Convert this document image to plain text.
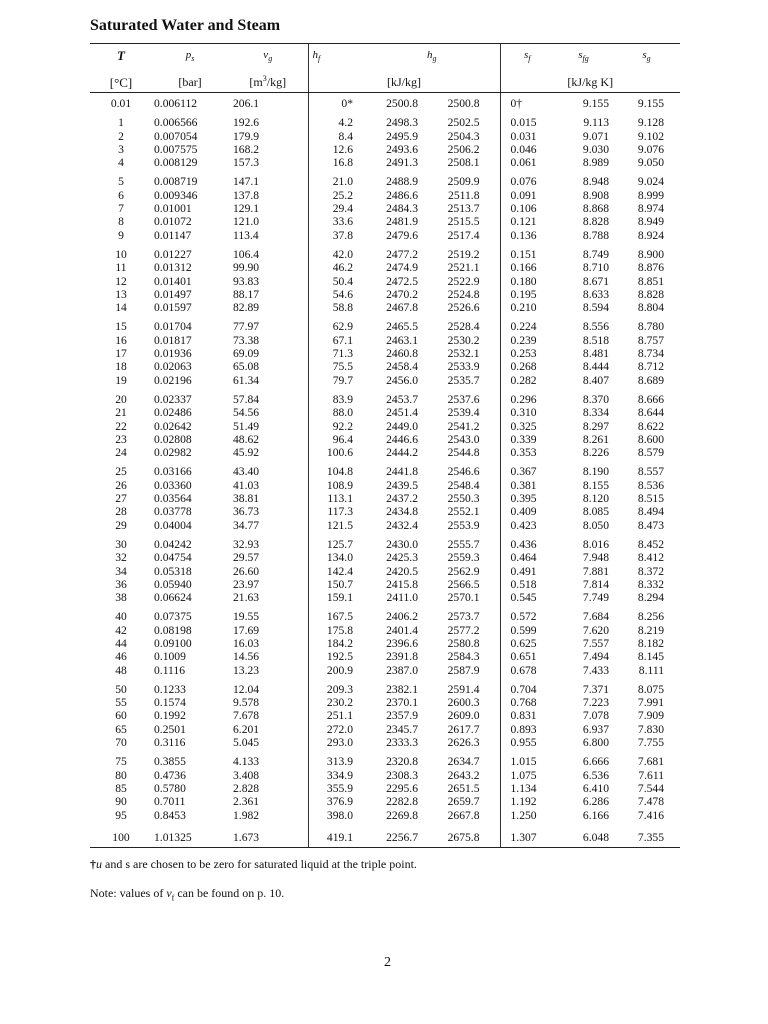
Saturated Water and Steam
T	$p_s$	$v_g$	$h_f$		$h_g$	$s_f$	$s_{fg}$	$s_g$
[°C]	[bar]	$[m^3/kg]$	[kJ/kg]			[kJ/kg K]		
0.01	0.006112	206.1	0*	2500.8	2500.8	0†	9.155	9.155

1	0.006566	192.6	4.2	2498.3	2502.5	0.015	9.113	9.128
2	0.007054	179.9	8.4	2495.9	2504.3	0.031	9.071	9.102
3	0.007575	168.2	12.6	2493.6	2506.2	0.046	9.030	9.076
4	0.008129	157.3	16.8	2491.3	2508.1	0.061	8.989	9.050

5	0.008719	147.1	21.0	2488.9	2509.9	0.076	8.948	9.024
6	0.009346	137.8	25.2	2486.6	2511.8	0.091	8.908	8.999
7	0.01001	129.1	29.4	2484.3	2513.7	0.106	8.868	8.974
8	0.01072	121.0	33.6	2481.9	2515.5	0.121	8.828	8.949
9	0.01147	113.4	37.8	2479.6	2517.4	0.136	8.788	8.924

10	0.01227	106.4	42.0	2477.2	2519.2	0.151	8.749	8.900
11	0.01312	99.90	46.2	2474.9	2521.1	0.166	8.710	8.876
12	0.01401	93.83	50.4	2472.5	2522.9	0.180	8.671	8.851
13	0.01497	88.17	54.6	2470.2	2524.8	0.195	8.633	8.828
14	0.01597	82.89	58.8	2467.8	2526.6	0.210	8.594	8.804

15	0.01704	77.97	62.9	2465.5	2528.4	0.224	8.556	8.780
16	0.01817	73.38	67.1	2463.1	2530.2	0.239	8.518	8.757
17	0.01936	69.09	71.3	2460.8	2532.1	0.253	8.481	8.734
18	0.02063	65.08	75.5	2458.4	2533.9	0.268	8.444	8.712
19	0.02196	61.34	79.7	2456.0	2535.7	0.282	8.407	8.689

20	0.02337	57.84	83.9	2453.7	2537.6	0.296	8.370	8.666
21	0.02486	54.56	88.0	2451.4	2539.4	0.310	8.334	8.644
22	0.02642	51.49	92.2	2449.0	2541.2	0.325	8.297	8.622
23	0.02808	48.62	96.4	2446.6	2543.0	0.339	8.261	8.600
24	0.02982	45.92	100.6	2444.2	2544.8	0.353	8.226	8.579

25	0.03166	43.40	104.8	2441.8	2546.6	0.367	8.190	8.557
26	0.03360	41.03	108.9	2439.5	2548.4	0.381	8.155	8.536
27	0.03564	38.81	113.1	2437.2	2550.3	0.395	8.120	8.515
28	0.03778	36.73	117.3	2434.8	2552.1	0.409	8.085	8.494
29	0.04004	34.77	121.5	2432.4	2553.9	0.423	8.050	8.473

30	0.04242	32.93	125.7	2430.0	2555.7	0.436	8.016	8.452
32	0.04754	29.57	134.0	2425.3	2559.3	0.464	7.948	8.412
34	0.05318	26.60	142.4	2420.5	2562.9	0.491	7.881	8.372
36	0.05940	23.97	150.7	2415.8	2566.5	0.518	7.814	8.332
38	0.06624	21.63	159.1	2411.0	2570.1	0.545	7.749	8.294

40	0.07375	19.55	167.5	2406.2	2573.7	0.572	7.684	8.256
42	0.08198	17.69	175.8	2401.4	2577.2	0.599	7.620	8.219
44	0.09100	16.03	184.2	2396.6	2580.8	0.625	7.557	8.182
46	0.1009	14.56	192.5	2391.8	2584.3	0.651	7.494	8.145
48	0.1116	13.23	200.9	2387.0	2587.9	0.678	7.433	8.111

50	0.1233	12.04	209.3	2382.1	2591.4	0.704	7.371	8.075
55	0.1574	9.578	230.2	2370.1	2600.3	0.768	7.223	7.991
60	0.1992	7.678	251.1	2357.9	2609.0	0.831	7.078	7.909
65	0.2501	6.201	272.0	2345.7	2617.7	0.893	6.937	7.830
70	0.3116	5.045	293.0	2333.3	2626.3	0.955	6.800	7.755

75	0.3855	4.133	313.9	2320.8	2634.7	1.015	6.666	7.681
80	0.4736	3.408	334.9	2308.3	2643.2	1.075	6.536	7.611
85	0.5780	2.828	355.9	2295.6	2651.5	1.134	6.410	7.544
90	0.7011	2.361	376.9	2282.8	2659.7	1.192	6.286	7.478
95	0.8453	1.982	398.0	2269.8	2667.8	1.250	6.166	7.416

100	1.01325	1.673	419.1	2256.7	2675.8	1.307	6.048	7.355
†u and s are chosen to be zero for saturated liquid at the triple point.
Note: values of $v_f$ can be found on p. 10.
2
